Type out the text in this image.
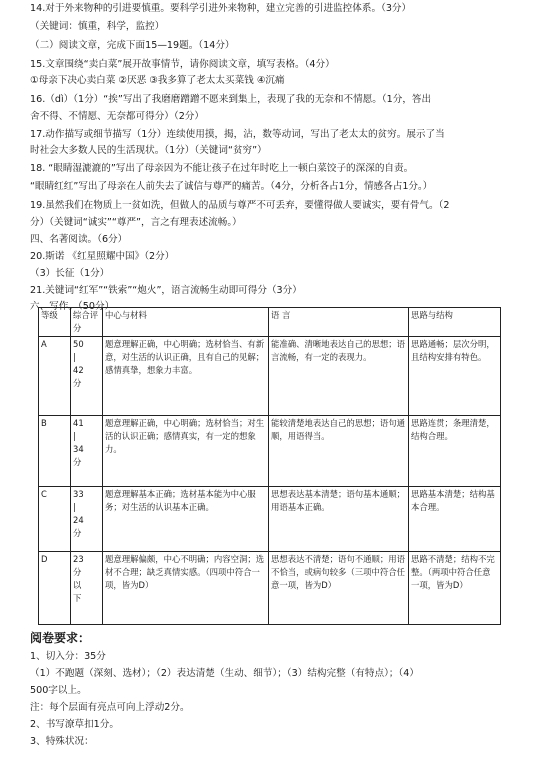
14.对于外来物种的引进要慎重。要科学引进外来物种，建立完善的引进监控体系。（3分）
（关键词：慎重，科学，监控）
（二）阅读文章，完成下面15—19题。（14分）
15.文章围绕“卖白菜”展开故事情节，请你阅读文章，填写表格。（4分）
①母亲下决心卖白菜 ②厌恶 ③我多算了老太太买菜钱 ④沉痛
16.（dì）（1分）“挨”写出了我磨磨蹭蹭不愿来到集上，表现了我的无奈和不情愿。（1分，答出
舍不得、不情愿、无奈都可得分）（2分）
17.动作描写或细节描写（1分）连续使用摸，揭，沾，数等动词，写出了老太太的贫穷。展示了当
时社会大多数人民的生活现状。（1分）（关键词“贫穷”）
18. “眼睛湿漉漉的”写出了母亲因为不能让孩子在过年时吃上一顿白菜饺子的深深的自责。
“眼睛红红”写出了母亲在人前失去了诚信与尊严的痛苦。（4分，分析各占1分，情感各占1分。）
19.虽然我们在物质上一贫如洗，但做人的品质与尊严不可丢弃，要懂得做人要诚实，要有骨气。（2
分）（关键词“诚实”“尊严”，言之有理表述流畅。）
四、名著阅读。（6分）
20.斯诺 《红星照耀中国》（2分）
（3）长征（1分）
21.关键词“红军”“铁索”“炮火”，语言流畅生动即可得分（3分）
六、写作。（50分）
等级	综合评分	中心与材料	语 言	思路与结构
A	50
|
42
分	题意理解正确，中心明确；选材恰当、有新意，对生活的认识正确，且有自己的见解；感情真挚，想象力丰富。	能准确、清晰地表达自己的思想；语言流畅，有一定的表现力。	思路通畅；层次分明，且结构安排有特色。
B	41
|
34
分	题意理解正确，中心明确；选材恰当；对生活的认识正确；感情真实，有一定的想象力。	能较清楚地表达自己的思想；语句通顺，用语得当。	思路连贯；条理清楚，结构合理。
C	33
|
24
分	题意理解基本正确；选材基本能为中心服务；对生活的认识基本正确。	思想表达基本清楚；语句基本通顺；用语基本正确。	思路基本清楚；结构基本合理。
D	23
分
以
下	题意理解偏颇，中心不明确；内容空洞；选材不合理；缺乏真情实感。（四项中符合一项，皆为D）	思想表达不清楚；语句不通顺；用语不恰当，或病句较多（三项中符合任意一项，皆为D）	思路不清楚；结构不完整。（两项中符合任意一项，皆为D）
阅卷要求：
1、切入分：35分
（1）不跑题（深刻、选材）；（2）表达清楚（生动、细节）；（3）结构完整（有特点）；（4）
500字以上。
注：每个层面有亮点可向上浮动2分。
2、书写潦草扣1分。
3、特殊状况：
